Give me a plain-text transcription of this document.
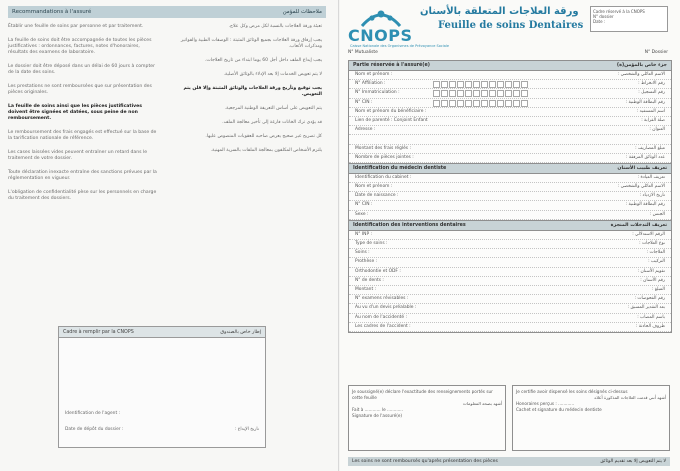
Recommandations à l'assuré	ملاحظات للمؤمن

Établir une feuille de soins par personne et par traitement.

La feuille de soins doit être accompagnée de toutes les pièces justificatives : ordonnances, factures, notes d'honoraires, résultats des examens de laboratoire.

Le dossier doit être déposé dans un délai de 60 jours à compter de la date des soins.

Les prestations ne sont remboursées que sur présentation des pièces originales.

La feuille de soins ainsi que les pièces justificatives doivent être signées et datées, sous peine de non remboursement.

Le remboursement des frais engagés est effectué sur la base de la tarification nationale de référence.

Les cases laissées vides peuvent entraîner un retard dans le traitement de votre dossier.

Toute déclaration inexacte entraîne des sanctions prévues par la réglementation en vigueur.

L'obligation de confidentialité pèse sur les personnels en charge du traitement des dossiers.

تعبئة ورقة العلاجات بالنسبة لكل مرض وكل علاج.

يجب إرفاق ورقة العلاجات بجميع الوثائق المثبتة : الوصفات الطبية والفواتير ومذكرات الأتعاب.

يجب إيداع الملف داخل أجل 60 يوما ابتداء من تاريخ العلاجات.

لا يتم تعويض الخدمات إلا بعد الإدلاء بالوثائق الأصلية.

يجب توقيع وتأريخ ورقة العلاجات والوثائق المثبتة وإلا فلن يتم التعويض.

يتم التعويض على أساس التعريفة الوطنية المرجعية.

قد يؤدي ترك الخانات فارغة إلى تأخير معالجة الملف.

كل تصريح غير صحيح يعرض صاحبه للعقوبات المنصوص عليها.

يلتزم الأشخاص المكلفون بمعالجة الملفات بالسرية المهنية.

Cadre à remplir par la CNOPS	إطار خاص بالصندوق
Identification de l'agent :
Date de dépôt du dossier :	تاريخ الإيداع :
CNOPS
Caisse Nationale des Organismes de Prévoyance Sociale
ورقة العلاجات المتعلقة بالأسنان
Feuille de soins Dentaires
Cadre réservé à la CNOPS
N° dossier
Date :
N° Mutualiste	N° Dossier
Partie réservée à l'assuré(e)	جزء خاص بالمؤمن(ة)
Nom et prénom :	الاسم العائلي والشخصي :
N° Affiliation :	رقم الانخراط :
N° Immatriculation :	رقم التسجيل :
N° CIN :	رقم البطاقة الوطنية :
Nom et prénom du bénéficiaire :	اسم المستفيد :
Lien de parenté : Conjoint Enfant	صلة القرابة :
Adresse :	العنوان :
Montant des frais réglés :	مبلغ المصاريف :
Nombre de pièces jointes :	عدد الوثائق المرفقة :
Identification du médecin dentiste	تعريف طبيب الأسنان
Identification du cabinet :	تعريف العيادة :
Nom et prénom :	الاسم العائلي والشخصي :
Date de naissance :	تاريخ الازدياد :
N° CIN :	رقم البطاقة الوطنية :
Sexe :	الجنس :
Identification des interventions dentaires	تعريف التدخلات المنجزة
N° INP :	الرقم الاستدلالي :
Type de soins :	نوع العلاجات :
Soins :	العلاجات :
Prothèse :	التركيب :
Orthodontie et ODF :	تقويم الأسنان :
N° de dents :	رقم الأسنان :
Montant :	المبلغ :
N° examens révisables :	رقم الفحوصات :
Au vu d'un devis préalable :	بعد التقدير المسبق :
Au nom de l'accidenté :	باسم المصاب :
Les cadres de l'accident :	ظروف الحادثة :
Je soussigné(e) déclare l'exactitude des renseignements portés sur cette feuille
أشهد بصحة المعلومات
Fait à ............ le ............
Signature de l'assuré(e)
Je certifie avoir dispensé les soins désignés ci-dessus
أشهد أنني قدمت العلاجات المذكورة أعلاه
Honoraires perçus : ............
Cachet et signature du médecin dentiste
Les soins ne sont remboursés qu'après présentation des pièces	لا يتم التعويض إلا بعد تقديم الوثائق
